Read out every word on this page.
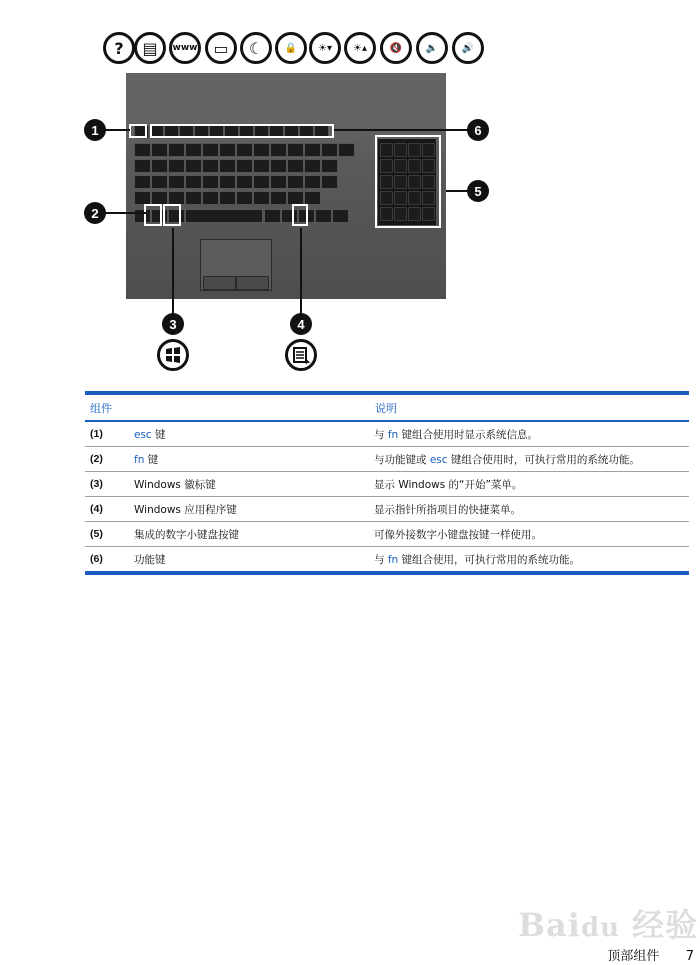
?	▤	www ▭	☾	🔒	☀▾	☀▴	🔇	🔉	🔊
1
2
3	4
5
6
组件	说明
(1)	esc 键	与 fn 键组合使用时显示系统信息。
(2)	fn 键	与功能键或 esc 键组合使用时，可执行常用的系统功能。
(3)	Windows 徽标键	显示 Windows 的“开始”菜单。
(4)	Windows 应用程序键	显示指针所指项目的快捷菜单。
(5)	集成的数字小键盘按键	可像外接数字小键盘按键一样使用。
(6)	功能键	与 fn 键组合使用，可执行常用的系统功能。
Baidu 经验
顶部组件 7
